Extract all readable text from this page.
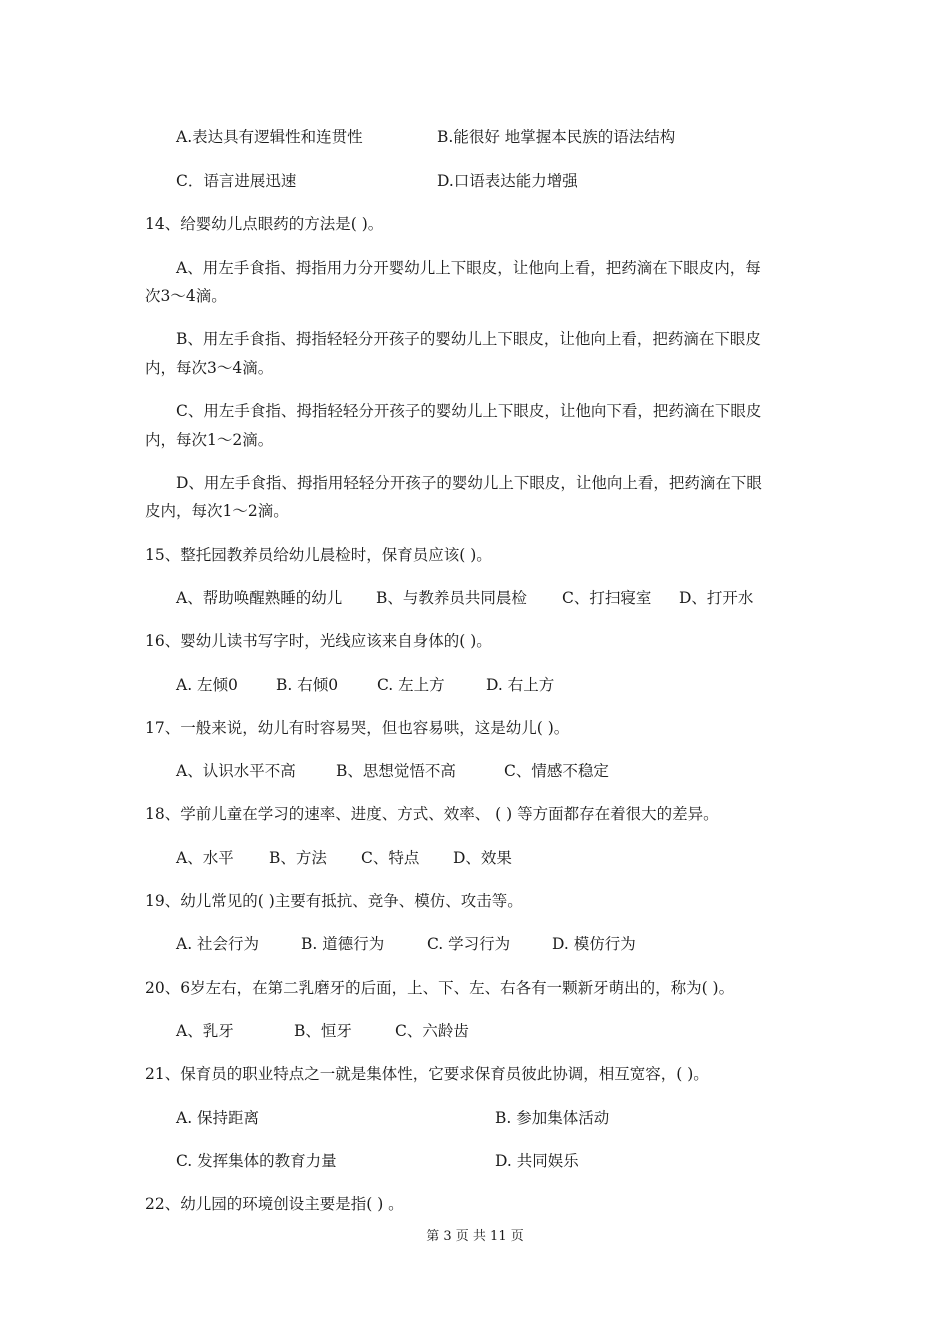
A.表达具有逻辑性和连贯性	B.能很好 地掌握本民族的语法结构
C．语言进展迅速	D.口语表达能力增强
14、给婴幼儿点眼药的方法是( )。
A、用左手食指、拇指用力分开婴幼儿上下眼皮，让他向上看，把药滴在下眼皮内，每
次3～4滴。
B、用左手食指、拇指轻轻分开孩子的婴幼儿上下眼皮，让他向上看，把药滴在下眼皮
内，每次3～4滴。
C、用左手食指、拇指轻轻分开孩子的婴幼儿上下眼皮，让他向下看，把药滴在下眼皮
内，每次1～2滴。
D、用左手食指、拇指用轻轻分开孩子的婴幼儿上下眼皮，让他向上看，把药滴在下眼
皮内，每次1～2滴。
15、整托园教养员给幼儿晨检时，保育员应该( )。
A、帮助唤醒熟睡的幼儿 B、与教养员共同晨检 C、打扫寝室 D、打开水
16、婴幼儿读书写字时，光线应该来自身体的( )。
A. 左倾0 B. 右倾0	C. 左上方	D. 右上方
17、一般来说，幼儿有时容易哭，但也容易哄，这是幼儿( )。
A、认识水平不高	B、思想觉悟不高	C、情感不稳定
18、学前儿童在学习的速率、进度、方式、效率、 ( ) 等方面都存在着很大的差异。
A、水平 B、方法 C、特点 D、效果
19、幼儿常见的( )主要有抵抗、竞争、模仿、攻击等。
A. 社会行为	B. 道德行为	C. 学习行为	D. 模仿行为
20、6岁左右，在第二乳磨牙的后面，上、下、左、右各有一颗新牙萌出的，称为( )。
A、乳牙	B、恒牙	C、六龄齿
21、保育员的职业特点之一就是集体性，它要求保育员彼此协调，相互宽容，( )。
A. 保持距离	B. 参加集体活动
C. 发挥集体的教育力量	D. 共同娱乐
22、幼儿园的环境创设主要是指( ) 。
第 3 页 共 11 页
